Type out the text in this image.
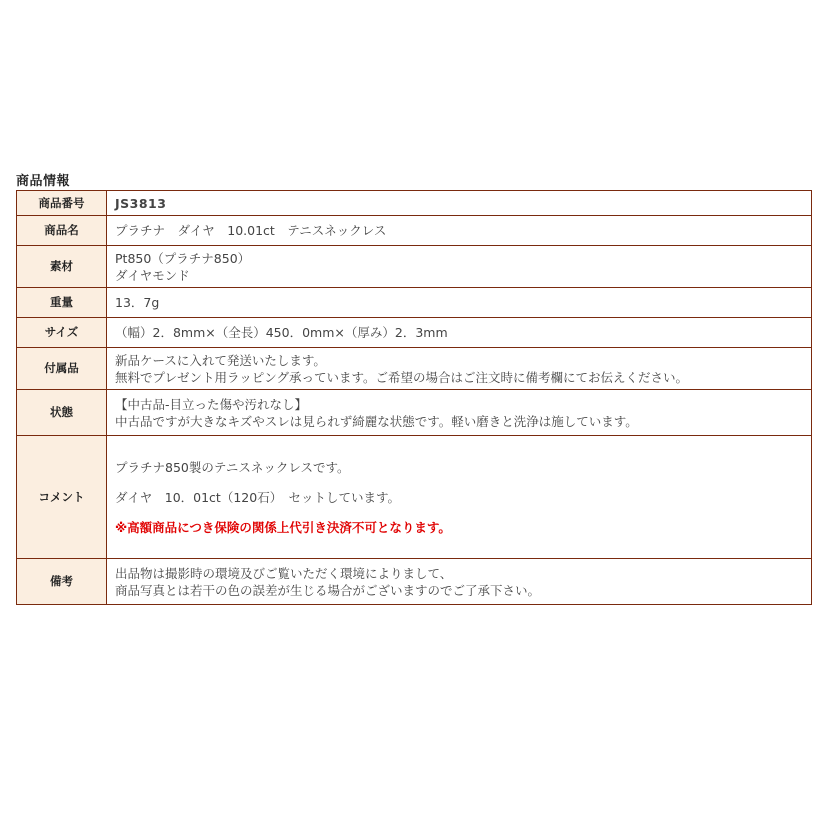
商品情報
商品番号	JS3813
商品名	プラチナ　ダイヤ　10.01ct　テニスネックレス
素材	Pt850（プラチナ850）
ダイヤモンド

重量	13．7g
サイズ	（幅）2．8mm×（全長）450．0mm×（厚み）2．3mm
付属品	新品ケースに入れて発送いたします。
無料でプレゼント用ラッピング承っています。ご希望の場合はご注文時に備考欄にてお伝えください。

状態	【中古品-目立った傷や汚れなし】
中古品ですが大きなキズやスレは見られず綺麗な状態です。軽い磨きと洗浄は施しています。

コメント	プラチナ850製のテニスネックレスです。
ダイヤ　10．01ct（120石）　セットしています。
※高額商品につき保険の関係上代引き決済不可となります。

備考	出品物は撮影時の環境及びご覧いただく環境によりまして、
商品写真とは若干の色の誤差が生じる場合がございますのでご了承下さい。
